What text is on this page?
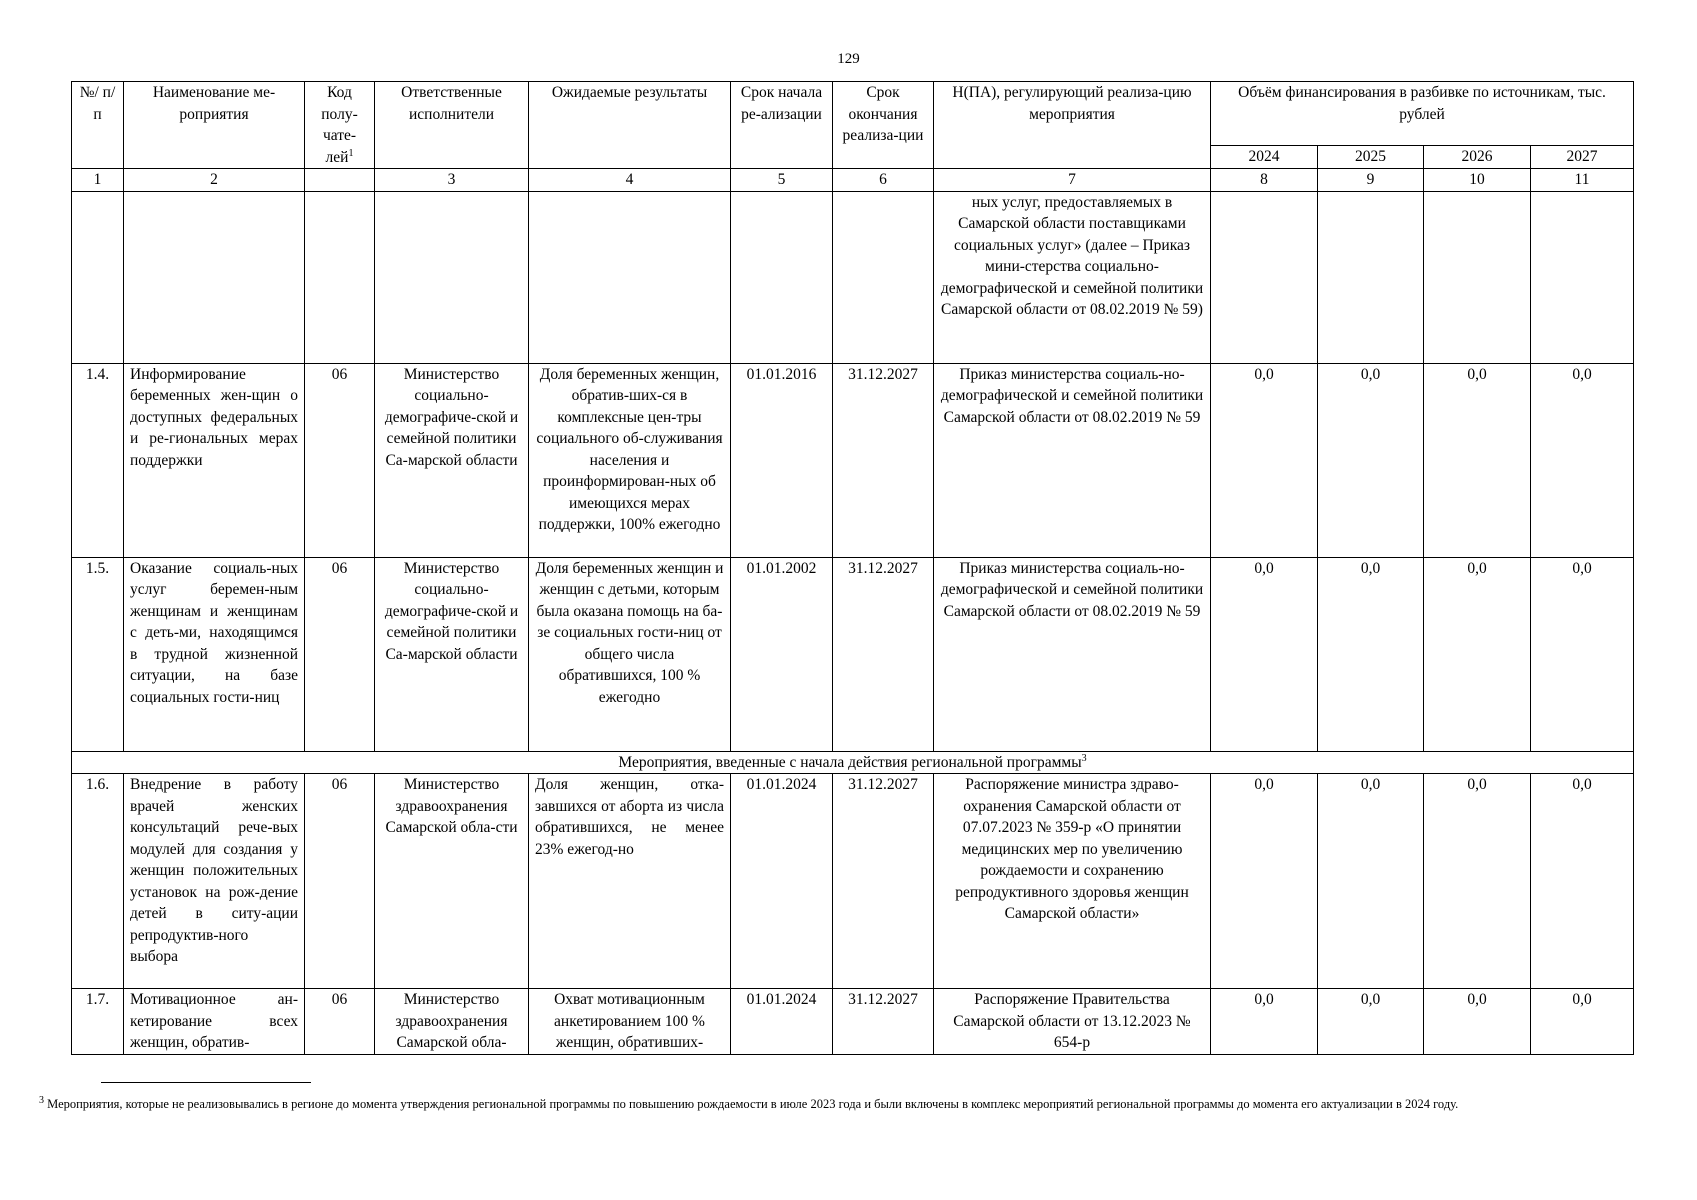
129
№/ п/п	Наименование ме-роприятия	Код полу-чате-лей$^1$	Ответственные исполнители	Ожидаемые результаты	Срок начала ре-ализации	Срок окончания реализа-ции	Н(ПА), регулирующий реализа-цию мероприятия	Объём финансирования в разбивке по источникам, тыс. рублей			
								2024	2025	2026	2027
1	2		3	4	5	6	7	8	9	10	11
							ных услуг, предоставляемых в Самарской области поставщиками социальных услуг» (далее – Приказ мини-стерства социально-демографической и семейной политики Самарской области от 08.02.2019 № 59)				
1.4.	Информирование беременных жен-щин о доступных федеральных и ре-гиональных мерах поддержки	06	Министерство социально-демографиче-ской и семейной политики Са-марской области	Доля беременных женщин, обратив-ших-ся в комплексные цен-тры социального об-служивания населения и проинформирован-ных об имеющихся мерах поддержки, 100% ежегодно	01.01.2016	31.12.2027	Приказ министерства социаль-но-демографической и семейной политики Самарской области от 08.02.2019 № 59	0,0	0,0	0,0	0,0
1.5.	Оказание социаль-ных услуг беремен-ным женщинам и женщинам с деть-ми, находящимся в трудной жизненной ситуации, на базе социальных гости-ниц	06	Министерство социально-демографиче-ской и семейной политики Са-марской области	Доля беременных женщин и женщин с детьми, которым была оказана помощь на ба-зе социальных гости-ниц от общего числа обратившихся, 100 % ежегодно	01.01.2002	31.12.2027	Приказ министерства социаль-но-демографической и семейной политики Самарской области от 08.02.2019 № 59	0,0	0,0	0,0	0,0
Мероприятия, введенные с начала действия региональной программы$^3$
1.6.	Внедрение в работу врачей женских консультаций рече-вых модулей для создания у женщин положительных установок на рож-дение детей в ситу-ации репродуктив-ного выбора	06	Министерство здравоохранения Самарской обла-сти	Доля женщин, отка-завшихся от аборта из числа обратившихся, не менее 23% ежегод-но	01.01.2024	31.12.2027	Распоряжение министра здраво-охранения Самарской области от 07.07.2023 № 359-р «О принятии медицинских мер по увеличению рождаемости и сохранению репродуктивного здоровья женщин Самарской области»	0,0	0,0	0,0	0,0
1.7.	Мотивационное ан-кетирование всех женщин, обратив-	06	Министерство здравоохранения Самарской обла-	Охват мотивационным анкетированием 100 % женщин, обративших-	01.01.2024	31.12.2027	Распоряжение Правительства Самарской области от 13.12.2023 № 654-р	0,0	0,0	0,0	0,0
$^3$ Мероприятия, которые не реализовывались в регионе до момента утверждения региональной программы по повышению рождаемости в июле 2023 года и были включены в комплекс мероприятий региональной программы до момента его актуализации в 2024 году.
